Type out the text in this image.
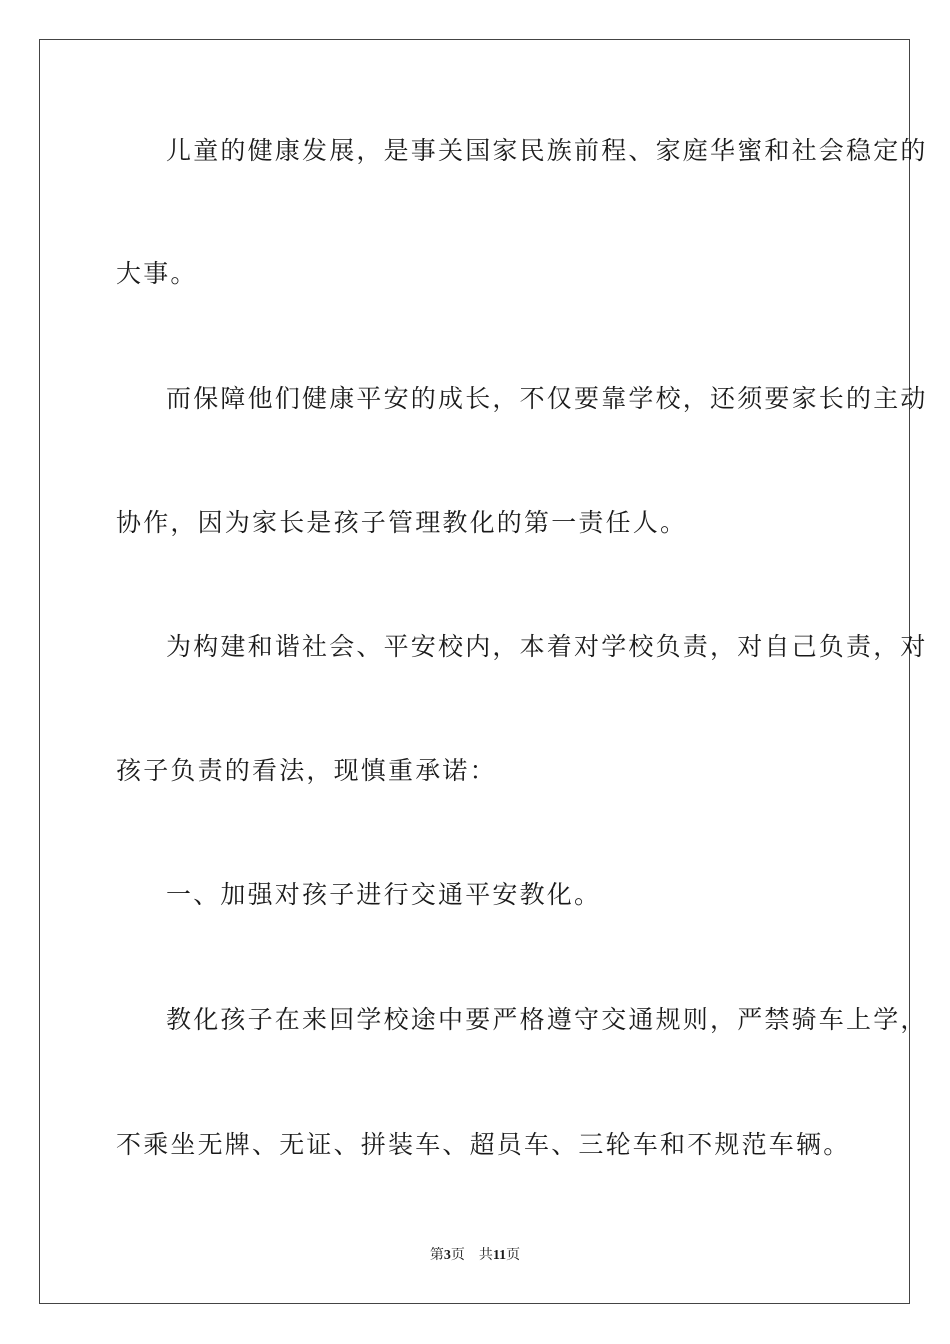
儿童的健康发展，是事关国家民族前程、家庭华蜜和社会稳定的
大事。
而保障他们健康平安的成长，不仅要靠学校，还须要家长的主动
协作，因为家长是孩子管理教化的第一责任人。
为构建和谐社会、平安校内，本着对学校负责，对自己负责，对
孩子负责的看法，现慎重承诺：
一、加强对孩子进行交通平安教化。
教化孩子在来回学校途中要严格遵守交通规则，严禁骑车上学，
不乘坐无牌、无证、拼装车、超员车、三轮车和不规范车辆。
第3页 共11页
